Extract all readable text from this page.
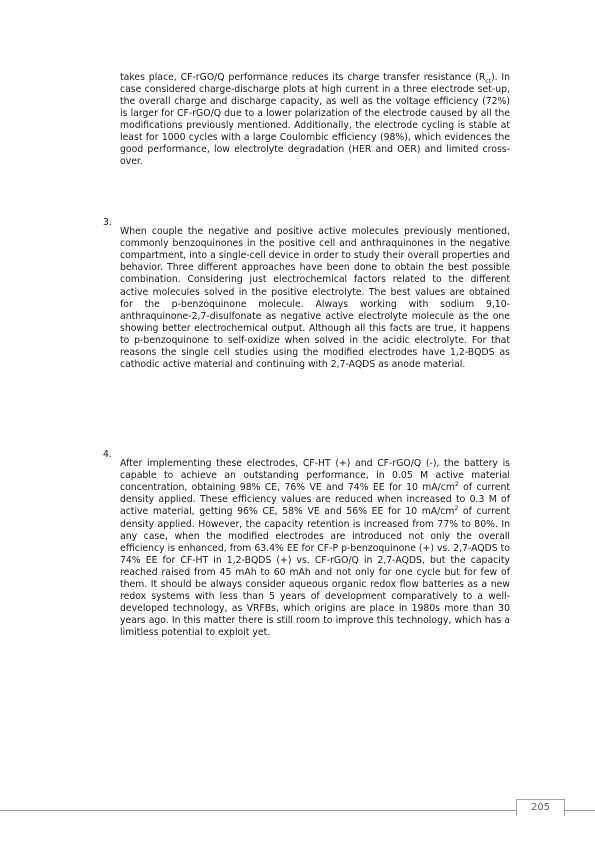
takes place, CF-rGO/Q performance reduces its charge transfer resistance $(R_{ct})$. In case considered charge-discharge plots at high current in a three electrode set-up, the overall charge and discharge capacity, as well as the voltage efficiency (72%) is larger for CF-rGO/Q due to a lower polarization of the electrode caused by all the modifications previously mentioned. Additionally, the electrode cycling is stable at least for 1000 cycles with a large Coulombic efficiency (98%), which evidences the good performance, low electrolyte degradation (HER and OER) and limited cross-over.

3.

When couple the negative and positive active molecules previously mentioned, commonly benzoquinones in the positive cell and anthraquinones in the negative compartment, into a single-cell device in order to study their overall properties and behavior. Three different approaches have been done to obtain the best possible combination. Considering just electrochemical factors related to the different active molecules solved in the positive electrolyte. The best values are obtained for the p-benzoquinone molecule. Always working with sodium 9,10-anthraquinone-2,7-disulfonate as negative active electrolyte molecule as the one showing better electrochemical output. Although all this facts are true, it happens to p-benzoquinone to self-oxidize when solved in the acidic electrolyte. For that reasons the single cell studies using the modified electrodes have 1,2-BQDS as cathodic active material and continuing with 2,7-AQDS as anode material.

4.

After implementing these electrodes, CF-HT (+) and CF-rGO/Q (-), the battery is capable to achieve an outstanding performance, in 0.05 M active material concentration, obtaining 98% CE, 76% VE and 74% EE for 10 $mA/cm^2$ of current density applied. These efficiency values are reduced when increased to 0.3 M of active material, getting 96% CE, 58% VE and 56% EE for 10 $mA/cm^2$ of current density applied. However, the capacity retention is increased from 77% to 80%. In any case, when the modified electrodes are introduced not only the overall efficiency is enhanced, from 63.4% EE for CF-P p-benzoquinone (+) vs. 2,7-AQDS to 74% EE for CF-HT in 1,2-BQDS (+) vs. CF-rGO/Q in 2,7-AQDS, but the capacity reached raised from 45 mAh to 60 mAh and not only for one cycle but for few of them. It should be always consider aqueous organic redox flow batteries as a new redox systems with less than 5 years of development comparatively to a well-developed technology, as VRFBs, which origins are place in 1980s more than 30 years ago. In this matter there is still room to improve this technology, which has a limitless potential to exploit yet.

205
